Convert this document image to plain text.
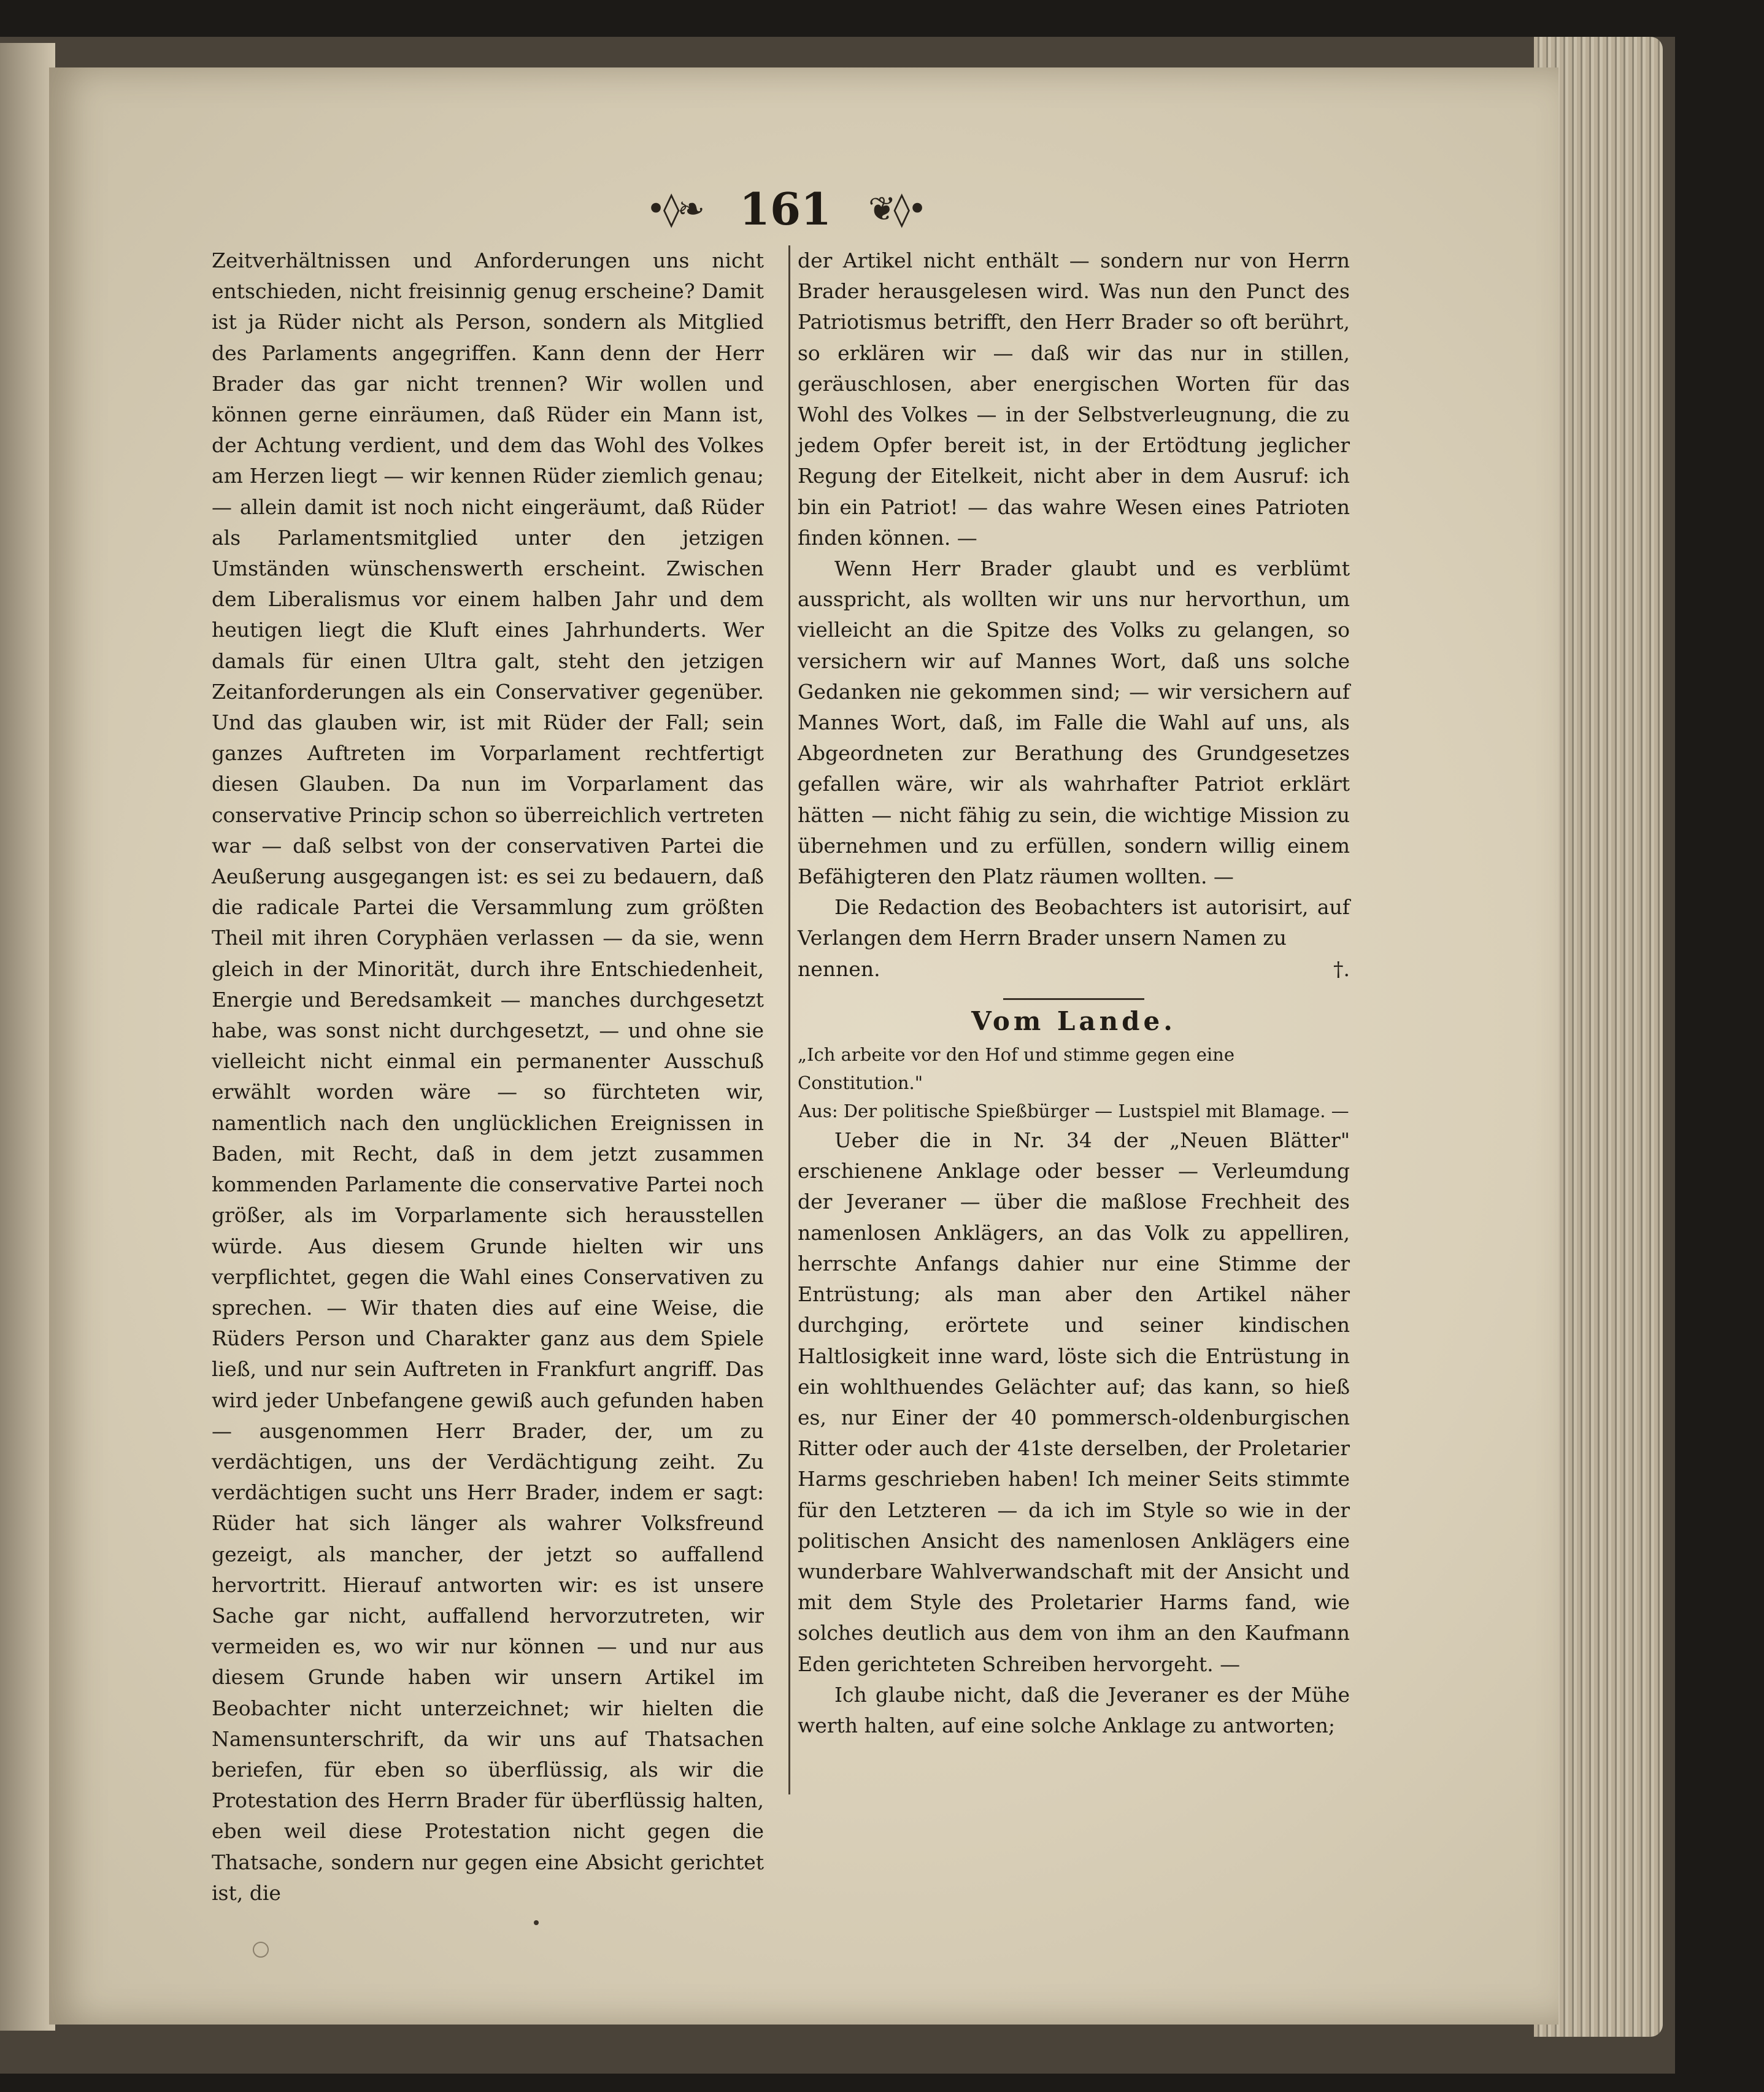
•◊❧ 161 ❦◊•

Zeitverhältnissen und Anforderungen uns nicht entschieden, nicht freisinnig genug erscheine? Damit ist ja Rüder nicht als Person, sondern als Mitglied des Parlaments angegriffen. Kann denn der Herr Brader das gar nicht trennen? Wir wollen und können gerne einräumen, daß Rüder ein Mann ist, der Achtung verdient, und dem das Wohl des Volkes am Herzen liegt — wir kennen Rüder ziemlich genau; — allein damit ist noch nicht eingeräumt, daß Rüder als Parlamentsmitglied unter den jetzigen Umständen wünschenswerth erscheint. Zwischen dem Liberalismus vor einem halben Jahr und dem heutigen liegt die Kluft eines Jahrhunderts. Wer damals für einen Ultra galt, steht den jetzigen Zeitanforderungen als ein Conservativer gegenüber. Und das glauben wir, ist mit Rüder der Fall; sein ganzes Auftreten im Vorparlament rechtfertigt diesen Glauben. Da nun im Vorparlament das conservative Princip schon so überreichlich vertreten war — daß selbst von der conservativen Partei die Aeußerung ausgegangen ist: es sei zu bedauern, daß die radicale Partei die Versammlung zum größten Theil mit ihren Coryphäen verlassen — da sie, wenn gleich in der Minorität, durch ihre Entschiedenheit, Energie und Beredsamkeit — manches durchgesetzt habe, was sonst nicht durchgesetzt, — und ohne sie vielleicht nicht einmal ein permanenter Ausschuß erwählt worden wäre — so fürchteten wir, namentlich nach den unglücklichen Ereignissen in Baden, mit Recht, daß in dem jetzt zusammen kommenden Parlamente die conservative Partei noch größer, als im Vorparlamente sich herausstellen würde. Aus diesem Grunde hielten wir uns verpflichtet, gegen die Wahl eines Conservativen zu sprechen. — Wir thaten dies auf eine Weise, die Rüders Person und Charakter ganz aus dem Spiele ließ, und nur sein Auftreten in Frankfurt angriff. Das wird jeder Unbefangene gewiß auch gefunden haben — ausgenommen Herr Brader, der, um zu verdächtigen, uns der Verdächtigung zeiht. Zu verdächtigen sucht uns Herr Brader, indem er sagt: Rüder hat sich länger als wahrer Volksfreund gezeigt, als mancher, der jetzt so auffallend hervortritt. Hierauf antworten wir: es ist unsere Sache gar nicht, auffallend hervorzutreten, wir vermeiden es, wo wir nur können — und nur aus diesem Grunde haben wir unsern Artikel im Beobachter nicht unterzeichnet; wir hielten die Namensunterschrift, da wir uns auf Thatsachen beriefen, für eben so überflüssig, als wir die Protestation des Herrn Brader für überflüssig halten, eben weil diese Protestation nicht gegen die Thatsache, sondern nur gegen eine Absicht gerichtet ist, die

der Artikel nicht enthält — sondern nur von Herrn Brader herausgelesen wird. Was nun den Punct des Patriotismus betrifft, den Herr Brader so oft berührt, so erklären wir — daß wir das nur in stillen, geräuschlosen, aber energischen Worten für das Wohl des Volkes — in der Selbstverleugnung, die zu jedem Opfer bereit ist, in der Ertödtung jeglicher Regung der Eitelkeit, nicht aber in dem Ausruf: ich bin ein Patriot! — das wahre Wesen eines Patrioten finden können. —

Wenn Herr Brader glaubt und es verblümt ausspricht, als wollten wir uns nur hervorthun, um vielleicht an die Spitze des Volks zu gelangen, so versichern wir auf Mannes Wort, daß uns solche Gedanken nie gekommen sind; — wir versichern auf Mannes Wort, daß, im Falle die Wahl auf uns, als Abgeordneten zur Berathung des Grundgesetzes gefallen wäre, wir als wahrhafter Patriot erklärt hätten — nicht fähig zu sein, die wichtige Mission zu übernehmen und zu erfüllen, sondern willig einem Befähigteren den Platz räumen wollten. —

Die Redaction des Beobachters ist autorisirt, auf Verlangen dem Herrn Brader unsern Namen zu

nennen.	†.
Vom Lande.

„Ich arbeite vor den Hof und stimme gegen eine Constitution."

Aus: Der politische Spießbürger — Lustspiel mit Blamage. —

Ueber die in Nr. 34 der „Neuen Blätter" erschienene Anklage oder besser — Verleumdung der Jeveraner — über die maßlose Frechheit des namenlosen Anklägers, an das Volk zu appelliren, herrschte Anfangs dahier nur eine Stimme der Entrüstung; als man aber den Artikel näher durchging, erörtete und seiner kindischen Haltlosigkeit inne ward, löste sich die Entrüstung in ein wohlthuendes Gelächter auf; das kann, so hieß es, nur Einer der 40 pommersch-oldenburgischen Ritter oder auch der 41ste derselben, der Proletarier Harms geschrieben haben! Ich meiner Seits stimmte für den Letzteren — da ich im Style so wie in der politischen Ansicht des namenlosen Anklägers eine wunderbare Wahlverwandschaft mit der Ansicht und mit dem Style des Proletarier Harms fand, wie solches deutlich aus dem von ihm an den Kaufmann Eden gerichteten Schreiben hervorgeht. —

Ich glaube nicht, daß die Jeveraner es der Mühe werth halten, auf eine solche Anklage zu antworten;
